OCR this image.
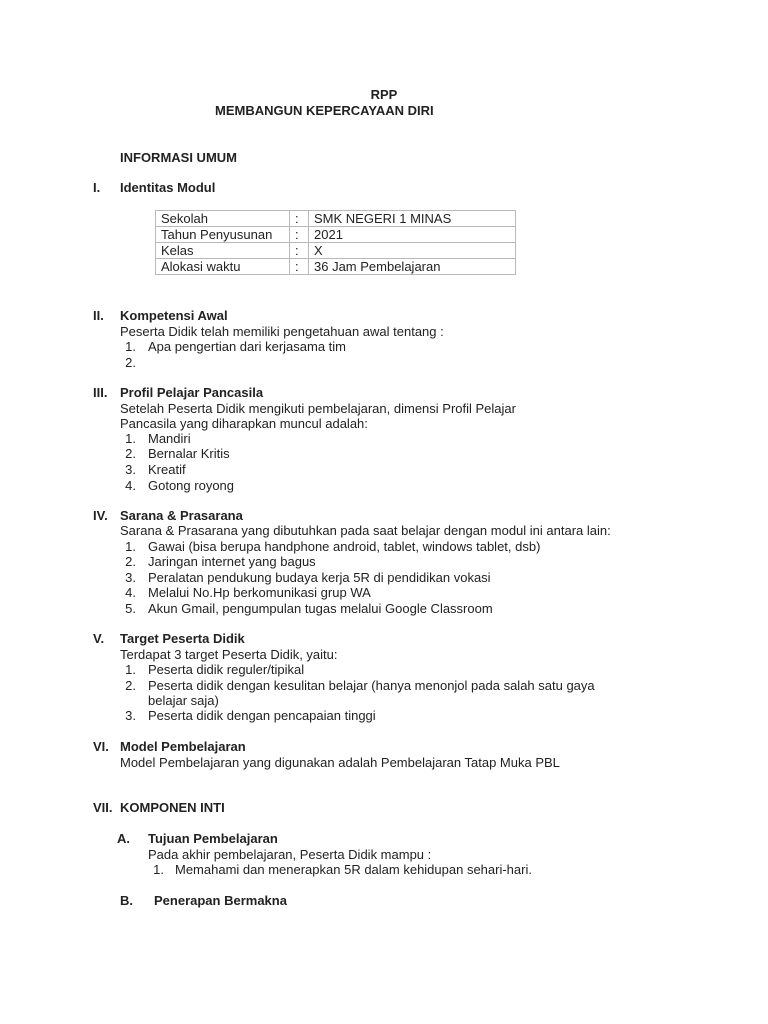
RPP
MEMBANGUN KEPERCAYAAN DIRI
INFORMASI UMUM
I. Identitas Modul
Sekolah	:	SMK NEGERI 1 MINAS
Tahun Penyusunan	:	2021
Kelas	:	X
Alokasi waktu	:	36 Jam Pembelajaran
II. Kompetensi Awal
Peserta Didik telah memiliki pengetahuan awal tentang :
1. Apa pengertian dari kerjasama tim
2.
III. Profil Pelajar Pancasila
Setelah Peserta Didik mengikuti pembelajaran, dimensi Profil Pelajar
Pancasila yang diharapkan muncul adalah:
1. Mandiri
2. Bernalar Kritis
3. Kreatif
4. Gotong royong
IV. Sarana & Prasarana
Sarana & Prasarana yang dibutuhkan pada saat belajar dengan modul ini antara lain:
1. Gawai (bisa berupa handphone android, tablet, windows tablet, dsb)
2. Jaringan internet yang bagus
3. Peralatan pendukung budaya kerja 5R di pendidikan vokasi
4. Melalui No.Hp berkomunikasi grup WA
5. Akun Gmail, pengumpulan tugas melalui Google Classroom
V. Target Peserta Didik
Terdapat 3 target Peserta Didik, yaitu:
1. Peserta didik reguler/tipikal
2. Peserta didik dengan kesulitan belajar (hanya menonjol pada salah satu gaya
belajar saja)
3. Peserta didik dengan pencapaian tinggi
VI. Model Pembelajaran
Model Pembelajaran yang digunakan adalah Pembelajaran Tatap Muka PBL
VII. KOMPONEN INTI
A. Tujuan Pembelajaran
Pada akhir pembelajaran, Peserta Didik mampu :
1. Memahami dan menerapkan 5R dalam kehidupan sehari-hari.
B. Penerapan Bermakna
